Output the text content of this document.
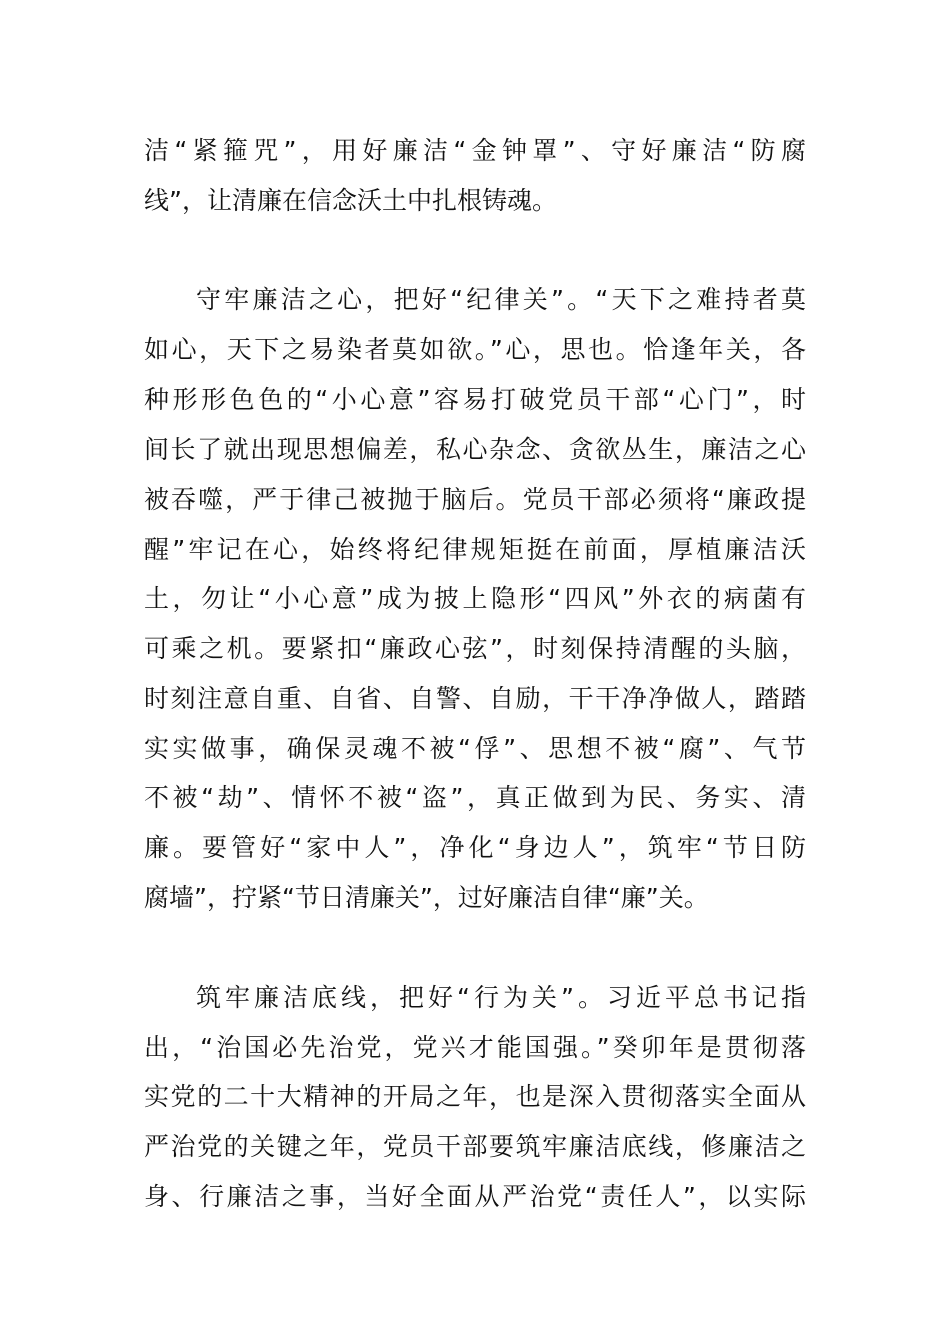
洁“紧箍咒”，用好廉洁“金钟罩”、守好廉洁“防腐
线”，让清廉在信念沃土中扎根铸魂。
守牢廉洁之心，把好“纪律关”。“天下之难持者莫
如心，天下之易染者莫如欲。”心，思也。恰逢年关，各
种形形色色的“小心意”容易打破党员干部“心门”，时
间长了就出现思想偏差，私心杂念、贪欲丛生，廉洁之心
被吞噬，严于律己被抛于脑后。党员干部必须将“廉政提
醒”牢记在心，始终将纪律规矩挺在前面，厚植廉洁沃
土，勿让“小心意”成为披上隐形“四风”外衣的病菌有
可乘之机。要紧扣“廉政心弦”，时刻保持清醒的头脑，
时刻注意自重、自省、自警、自励，干干净净做人，踏踏
实实做事，确保灵魂不被“俘”、思想不被“腐”、气节
不被“劫”、情怀不被“盗”，真正做到为民、务实、清
廉。要管好“家中人”，净化“身边人”，筑牢“节日防
腐墙”，拧紧“节日清廉关”，过好廉洁自律“廉”关。
筑牢廉洁底线，把好“行为关”。习近平总书记指
出，“治国必先治党，党兴才能国强。”癸卯年是贯彻落
实党的二十大精神的开局之年，也是深入贯彻落实全面从
严治党的关键之年，党员干部要筑牢廉洁底线，修廉洁之
身、行廉洁之事，当好全面从严治党“责任人”，以实际
